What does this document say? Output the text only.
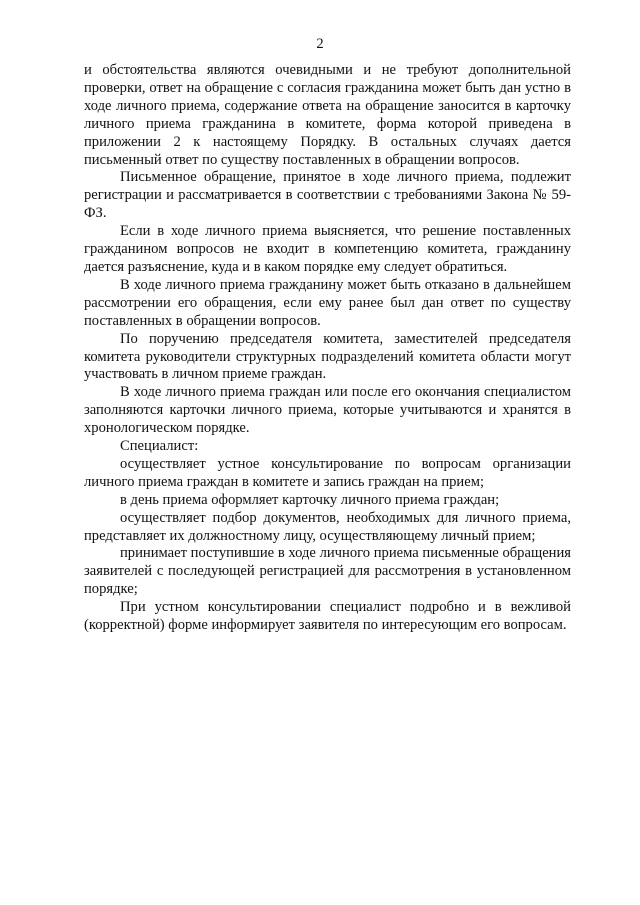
2

и обстоятельства являются очевидными и не требуют дополнительной проверки, ответ на обращение с согласия гражданина может быть дан устно в ходе личного приема, содержание ответа на обращение заносится в карточку личного приема гражданина в комитете, форма которой приведена в приложении 2 к настоящему Порядку. В остальных случаях дается письменный ответ по существу поставленных в обращении вопросов.

Письменное обращение, принятое в ходе личного приема, подлежит регистрации и рассматривается в соответствии с требованиями Закона № 59-ФЗ.

Если в ходе личного приема выясняется, что решение поставленных гражданином вопросов не входит в компетенцию комитета, гражданину дается разъяснение, куда и в каком порядке ему следует обратиться.

В ходе личного приема гражданину может быть отказано в дальнейшем рассмотрении его обращения, если ему ранее был дан ответ по существу поставленных в обращении вопросов.

По поручению председателя комитета, заместителей председателя комитета руководители структурных подразделений комитета области могут участвовать в личном приеме граждан.

В ходе личного приема граждан или после его окончания специалистом заполняются карточки личного приема, которые учитываются и хранятся в хронологическом порядке.

Специалист:

осуществляет устное консультирование по вопросам организации личного приема граждан в комитете и запись граждан на прием;

в день приема оформляет карточку личного приема граждан;

осуществляет подбор документов, необходимых для личного приема, представляет их должностному лицу, осуществляющему личный прием;

принимает поступившие в ходе личного приема письменные обращения заявителей с последующей регистрацией для рассмотрения в установленном порядке;

При устном консультировании специалист подробно и в вежливой (корректной) форме информирует заявителя по интересующим его вопросам.
